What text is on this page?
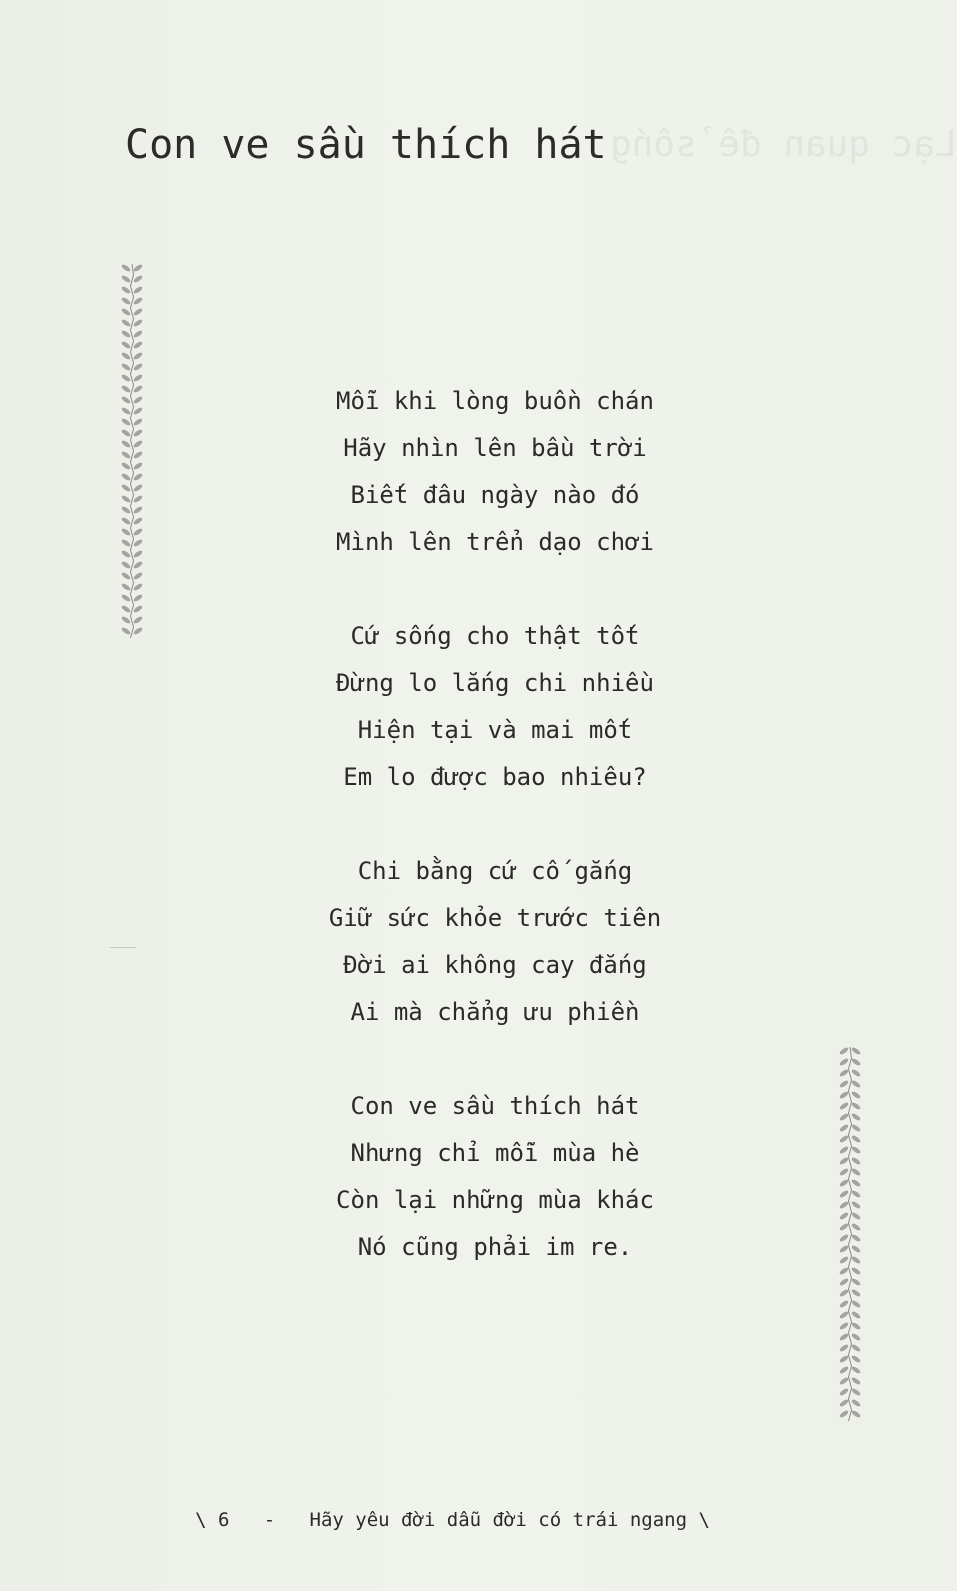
Lạc quan để sống
Con ve sầu thích hát
Mỗi khi lòng buồn chán
Hãy nhìn lên bầu trời
Biết đâu ngày nào đó
Mình lên trển dạo chơi
Cứ sống cho thật tốt
Đừng lo lắng chi nhiều
Hiện tại và mai mốt
Em lo được bao nhiêu?
Chi bằng cứ cố gắng
Giữ sức khỏe trước tiên
Đời ai không cay đắng
Ai mà chẳng ưu phiền
Con ve sầu thích hát
Nhưng chỉ mỗi mùa hè
Còn lại những mùa khác
Nó cũng phải im re.
\ 6 - Hãy yêu đời dẫu đời có trái ngang \
